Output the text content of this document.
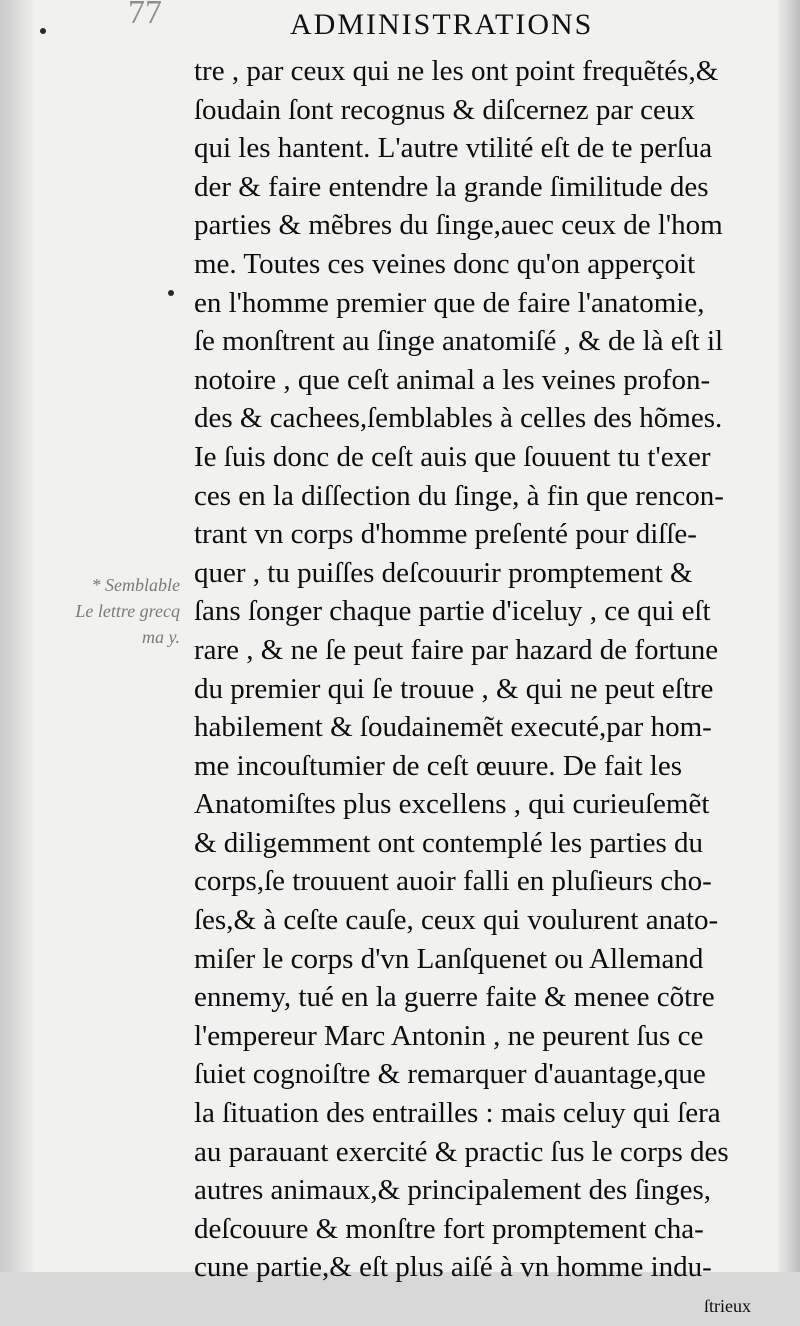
77	ADMINISTRATIONS
tre , par ceux qui ne les ont point frequẽtés,&
ſoudain ſont recognus & diſcernez par ceux
qui les hantent. L'autre vtilité eſt de te perſua
der & faire entendre la grande ſimilitude des
parties & mẽbres du ſinge,auec ceux de l'hom
me. Toutes ces veines donc qu'on apperçoit
en l'homme premier que de faire l'anatomie,
ſe monſtrent au ſinge anatomiſé , & de là eſt il
notoire , que ceſt animal a les veines profon-
des & cachees,ſemblables à celles des hõmes.
Ie ſuis donc de ceſt auis que ſouuent tu t'exer
ces en la diſſection du ſinge, à fin que rencon-
trant vn corps d'homme preſenté pour diſſe-
quer , tu puiſſes deſcouurir promptement &
ſans ſonger chaque partie d'iceluy , ce qui eſt
rare , & ne ſe peut faire par hazard de fortune
du premier qui ſe trouue , & qui ne peut eſtre
habilement & ſoudainemẽt executé,par hom-
me incouſtumier de ceſt œuure. De fait les
Anatomiſtes plus excellens , qui curieuſemẽt
& diligemment ont contemplé les parties du
corps,ſe trouuent auoir falli en pluſieurs cho-
ſes,& à ceſte cauſe, ceux qui voulurent anato-
miſer le corps d'vn Lanſquenet ou Allemand
ennemy, tué en la guerre faite & menee cõtre
l'empereur Marc Antonin , ne peurent ſus ce
ſuiet cognoiſtre & remarquer d'auantage,que
la ſituation des entrailles : mais celuy qui ſera
au parauant exercité & practic ſus le corps des
autres animaux,& principalement des ſinges,
deſcouure & monſtre fort promptement cha-
cune partie,& eſt plus aiſé à vn homme indu-
ſtrieux
* Semblable
Le lettre grecq
ma y.
